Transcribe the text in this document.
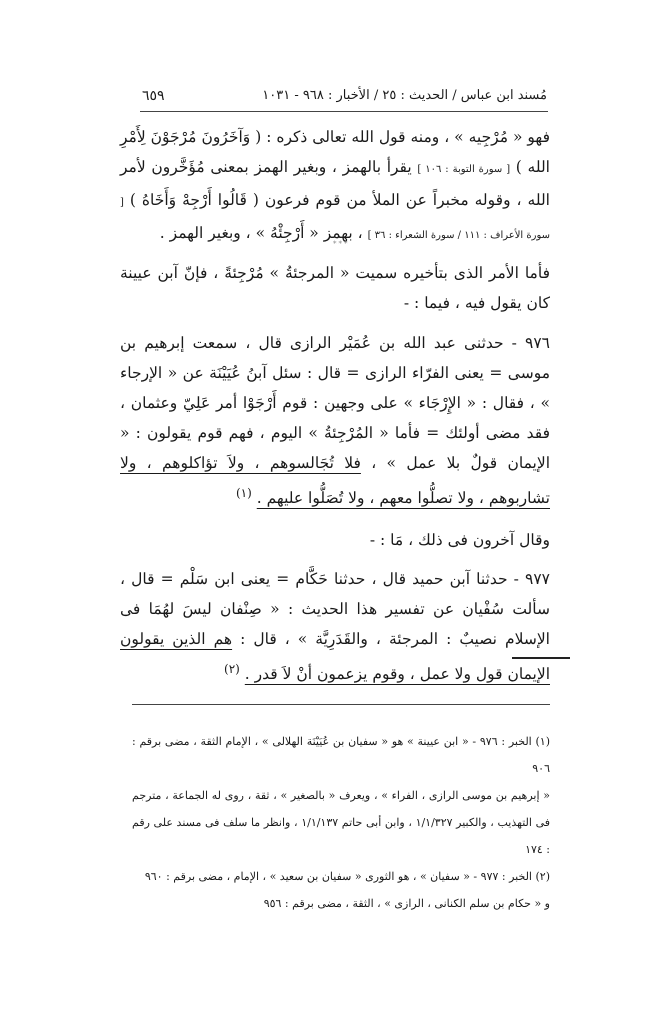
مُسند ابن عباس / الحديث : ٢٥ / الأخبار : ٩٦٨ - ١٠٣١
٦٥٩
فهو « مُرْجِيه » ، ومنه قول الله تعالى ذكره : ( وَآخَرُونَ مُرْجَوْنَ لِأَمْرِ الله ) [ سورة التوبة : ١٠٦ ] يقرأ بالهمز ، وبغير الهمز بمعنى مُؤَخَّرون لأمر الله ، وقوله مخبراً عن الملأ من قوم فرعون ( قَالُوا أَرْجِهْ وَأَخَاهُ ) [ سورة الأعراف : ١١١ / سورة الشعراء : ٣٦ ] ، بهمز « أَرْجِئْهُ » ، وبغير الهمز .
***
فأما الأمر الذى بتأخيره سميت « المرجئةُ » مُرْجِئةً ، فإنّ آبن عيينة كان يقول فيه ، فيما : -
٩٧٦ - حدثنى عبد الله بن عُمَيْر الرازى قال ، سمعت إبرهيم بن موسى = يعنى الفرّاء الرازى = قال : سئل آبنُ عُيَيْنَة عن « الإرجاء » ، فقال : « الإِرْجَاء » على وجهين : قوم أَرْجَوْا أمر عَلِيّ وعثمان ، فقد مضى أولئك = فأما « المُرْجِئةُ » اليوم ، فهم قوم يقولون : « الإيمان قولٌ بلا عمل » ، فلا تُجَالسوهم ، ولاَ تؤاكلوهم ، ولا تشاربوهم ، ولا تصلُّوا معهم ، ولا تُصَلُّوا عليهم . $^{(١)}$
وقال آخرون فى ذلك ، مَا : -
٩٧٧ - حدثنا آبن حميد قال ، حدثنا حَكَّام = يعنى ابن سَلْم = قال ، سألت سُفْيان عن تفسير هذا الحديث : « صِنْفان ليسَ لهُمَا فى الإسلام نصيبٌ : المرجئة ، والقَدَرِيَّة » ، قال : هم الذين يقولون الإيمان قول ولا عمل ، وقوم يزعمون أنْ لاَ قدر . $^{(٢)}$
(١) الخبر : ٩٧٦ - « ابن عيينة » هو « سفيان بن عُيَيْنَة الهلالى » ، الإمام الثقة ، مضى برقم : ٩٠٦
« إبرهيم بن موسى الرازى ، الفراء » ، ويعرف « بالصغير » ، ثقة ، روى له الجماعة ، مترجم فى التهذيب ، والكبير ١/١/٣٢٧ ، وابن أبى حاتم ١/١/١٣٧ ، وانظر ما سلف فى مسند على رقم : ١٧٤
(٢) الخبر : ٩٧٧ - « سفيان » ، هو الثورى « سفيان بن سعيد » ، الإمام ، مضى برقم : ٩٦٠
و « حكام بن سلم الكنانى ، الرازى » ، الثقة ، مضى برقم : ٩٥٦
